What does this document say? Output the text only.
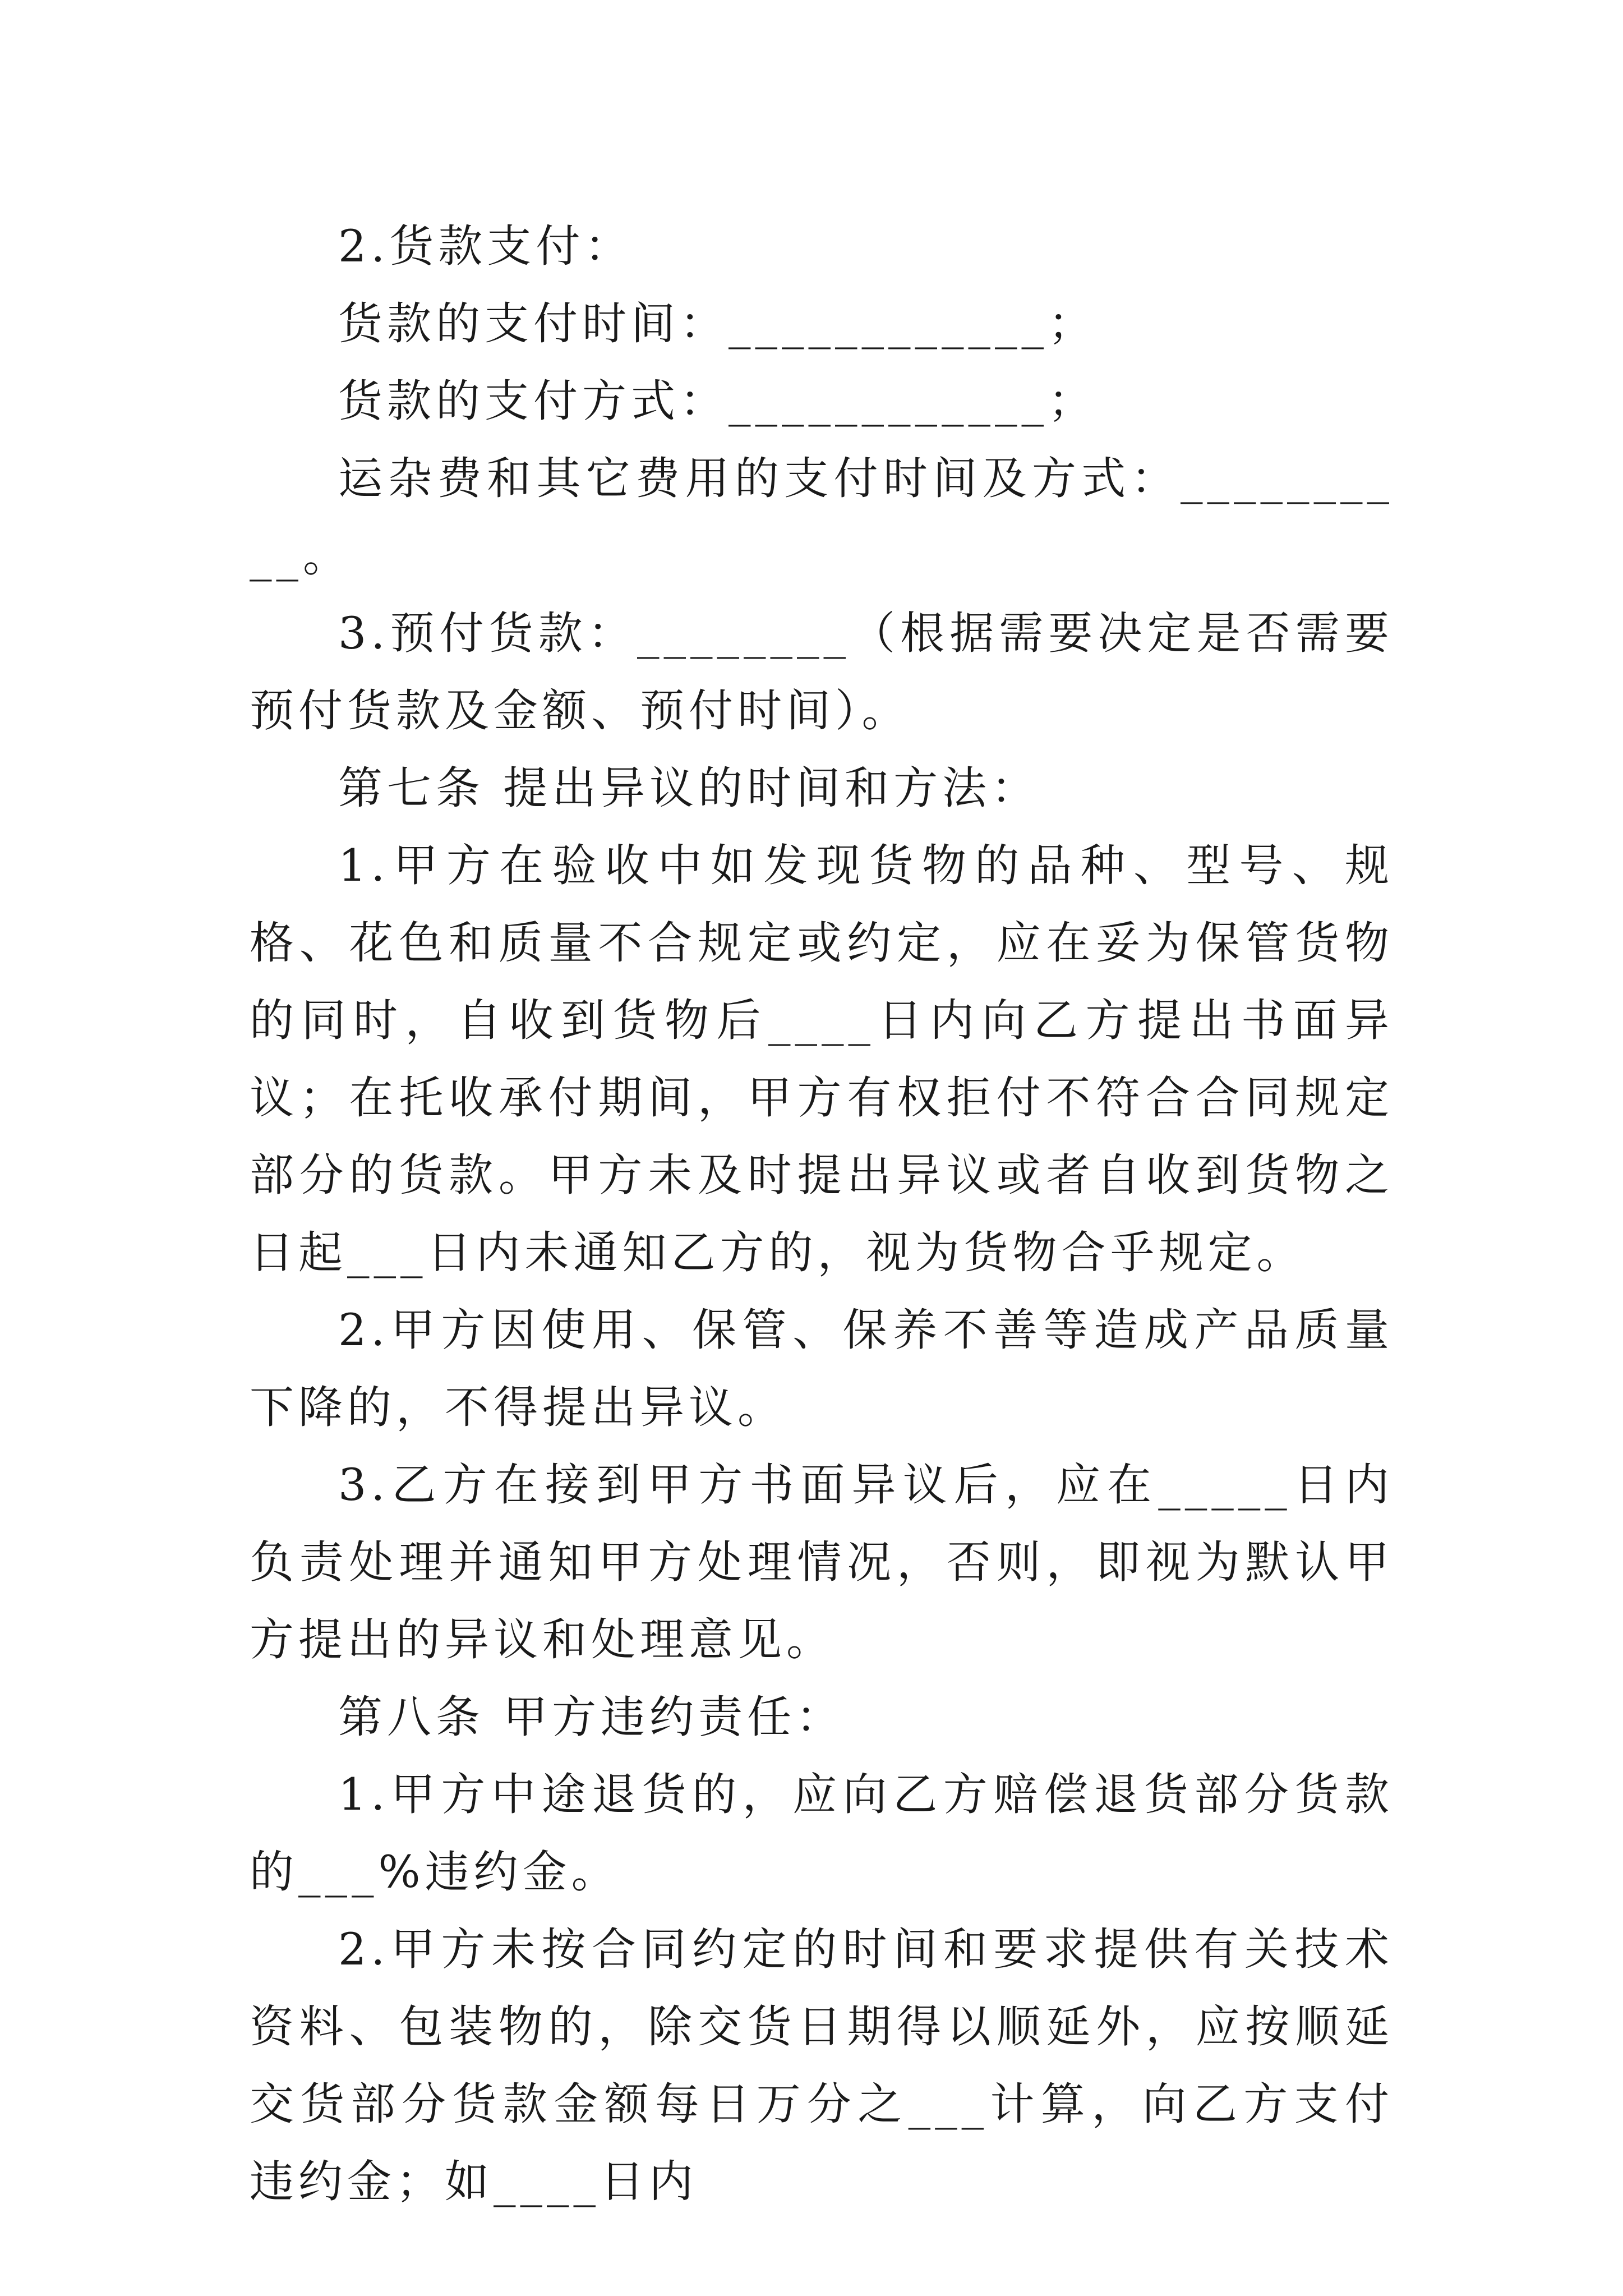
2.货款支付：

货款的支付时间：____________；

货款的支付方式：____________；

运杂费和其它费用的支付时间及方式：__________。

3.预付货款：________（根据需要决定是否需要预付货款及金额、预付时间）。

第七条 提出异议的时间和方法：

1.甲方在验收中如发现货物的品种、型号、规格、花色和质量不合规定或约定，应在妥为保管货物的同时，自收到货物后____日内向乙方提出书面异议；在托收承付期间，甲方有权拒付不符合合同规定部分的货款。甲方未及时提出异议或者自收到货物之日起___日内未通知乙方的，视为货物合乎规定。

2.甲方因使用、保管、保养不善等造成产品质量下降的，不得提出异议。

3.乙方在接到甲方书面异议后，应在_____日内负责处理并通知甲方处理情况，否则，即视为默认甲方提出的异议和处理意见。

第八条 甲方违约责任：

1.甲方中途退货的，应向乙方赔偿退货部分货款的___%违约金。

2.甲方未按合同约定的时间和要求提供有关技术资料、包装物的，除交货日期得以顺延外，应按顺延交货部分货款金额每日万分之___计算，向乙方支付违约金；如____日内
